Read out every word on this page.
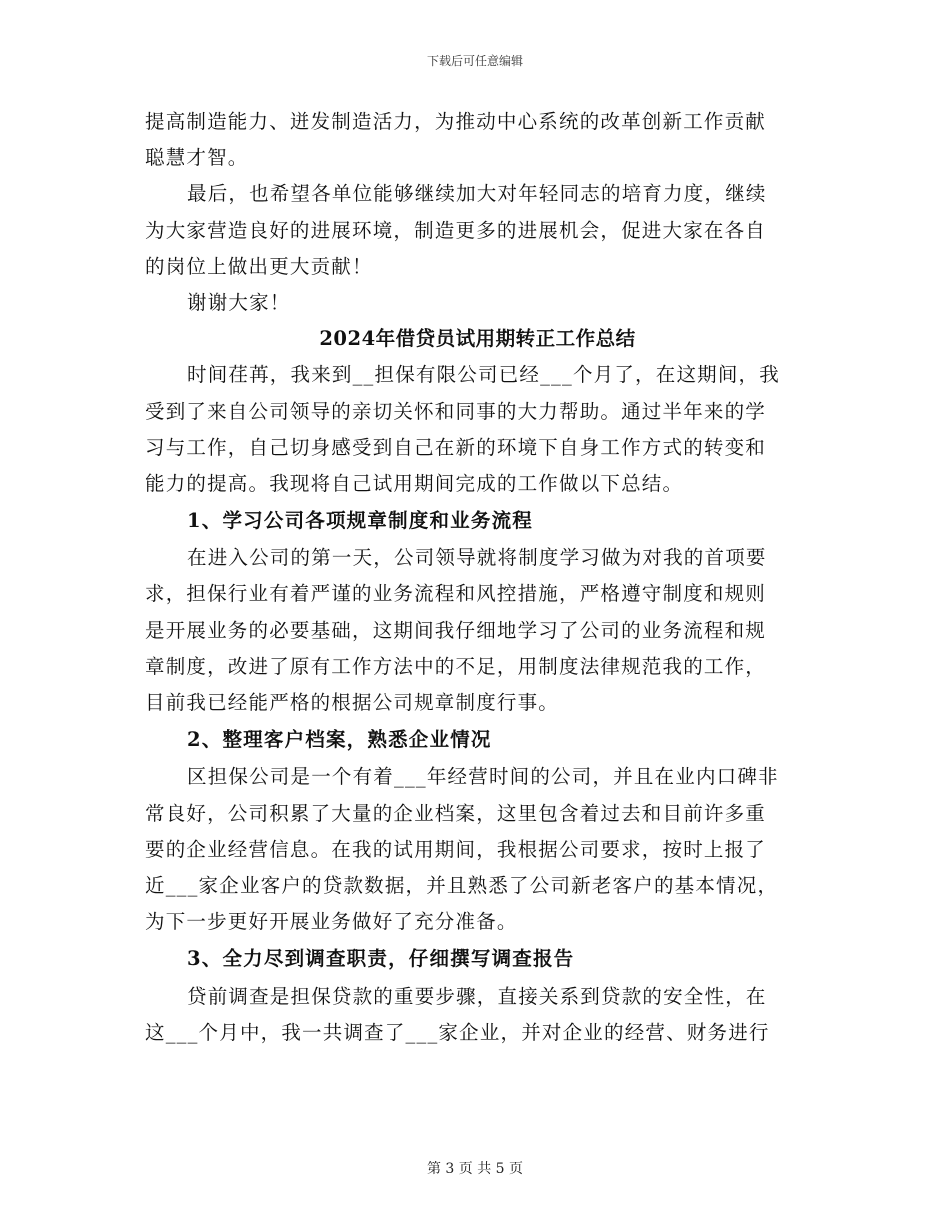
下载后可任意编辑
提高制造能力、迸发制造活力，为推动中心系统的改革创新工作贡献
聪慧才智。
最后，也希望各单位能够继续加大对年轻同志的培育力度，继续
为大家营造良好的进展环境，制造更多的进展机会，促进大家在各自
的岗位上做出更大贡献！
谢谢大家！
2024年借贷员试用期转正工作总结
时间荏苒，我来到__担保有限公司已经___个月了，在这期间，我
受到了来自公司领导的亲切关怀和同事的大力帮助。通过半年来的学
习与工作，自己切身感受到自己在新的环境下自身工作方式的转变和
能力的提高。我现将自己试用期间完成的工作做以下总结。
1、学习公司各项规章制度和业务流程
在进入公司的第一天，公司领导就将制度学习做为对我的首项要
求，担保行业有着严谨的业务流程和风控措施，严格遵守制度和规则
是开展业务的必要基础，这期间我仔细地学习了公司的业务流程和规
章制度，改进了原有工作方法中的不足，用制度法律规范我的工作，
目前我已经能严格的根据公司规章制度行事。
2、整理客户档案，熟悉企业情况
区担保公司是一个有着___年经营时间的公司，并且在业内口碑非
常良好，公司积累了大量的企业档案，这里包含着过去和目前许多重
要的企业经营信息。在我的试用期间，我根据公司要求，按时上报了
近___家企业客户的贷款数据，并且熟悉了公司新老客户的基本情况，
为下一步更好开展业务做好了充分准备。
3、全力尽到调查职责，仔细撰写调查报告
贷前调查是担保贷款的重要步骤，直接关系到贷款的安全性，在
这___个月中，我一共调查了___家企业，并对企业的经营、财务进行
第 3 页 共 5 页
